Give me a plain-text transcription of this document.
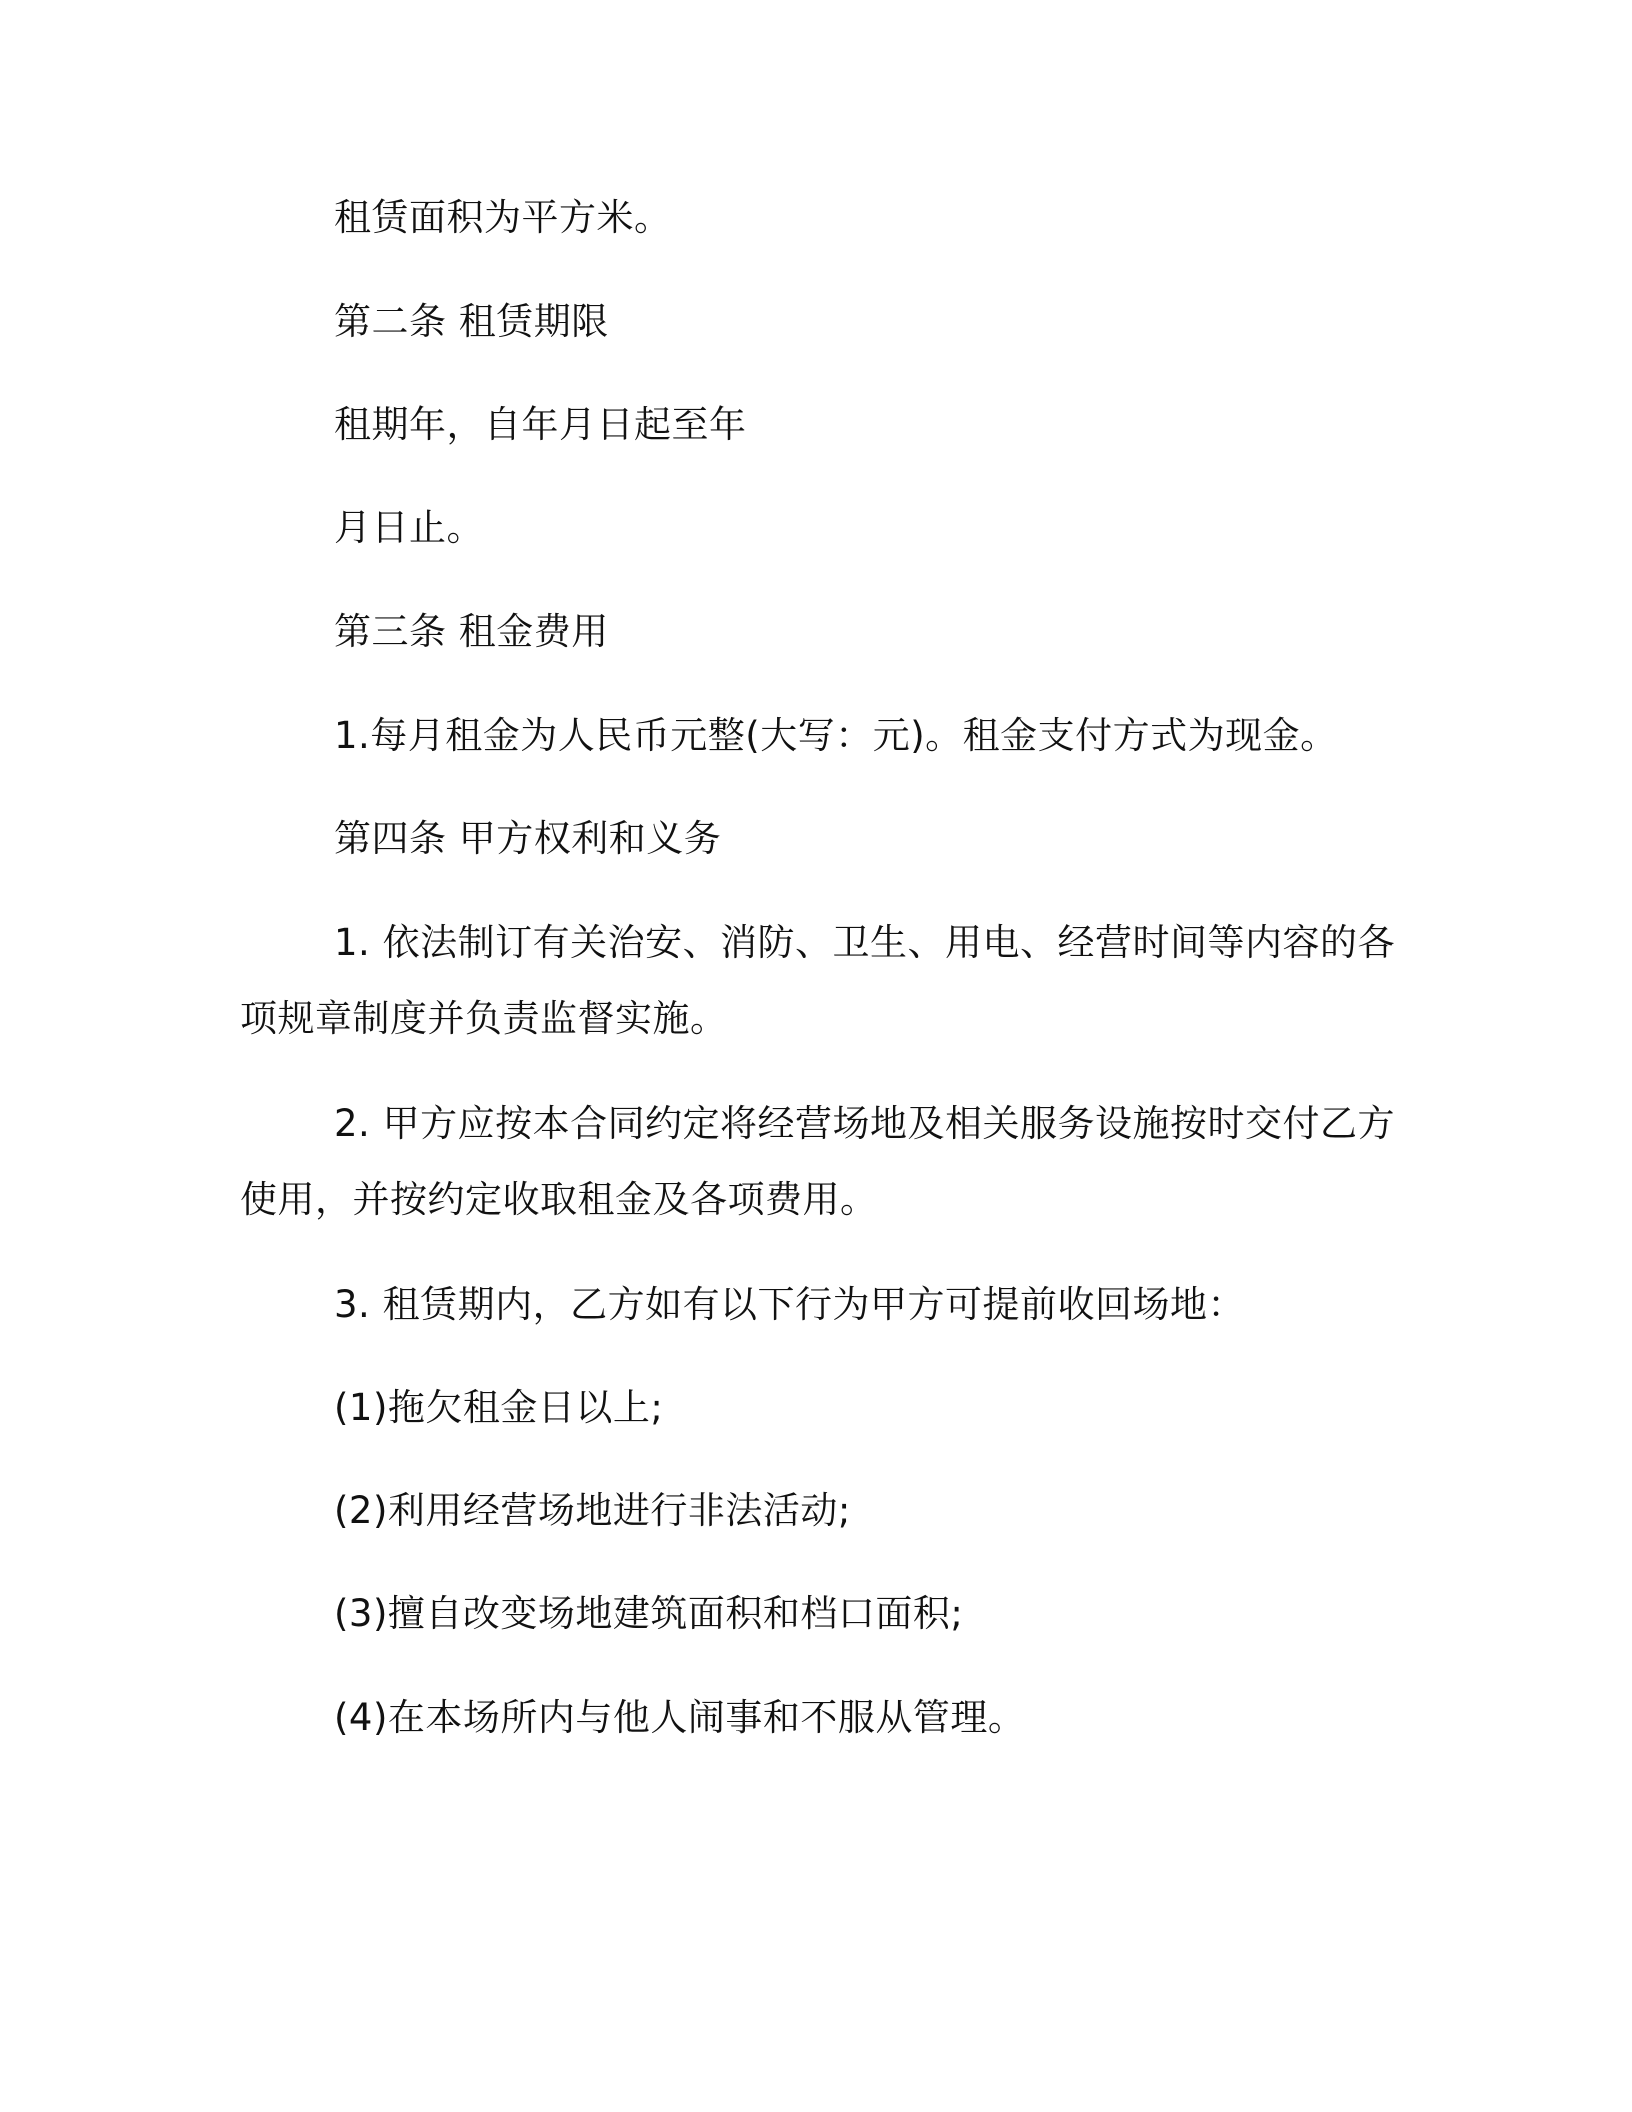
租赁面积为平方米。
第二条 租赁期限
租期年，自年月日起至年
月日止。
第三条 租金费用
1.每月租金为人民币元整(大写：元)。租金支付方式为现金。
第四条 甲方权利和义务
1. 依法制订有关治安、消防、卫生、用电、经营时间等内容的各
项规章制度并负责监督实施。
2. 甲方应按本合同约定将经营场地及相关服务设施按时交付乙方
使用，并按约定收取租金及各项费用。
3. 租赁期内，乙方如有以下行为甲方可提前收回场地：
(1)拖欠租金日以上;
(2)利用经营场地进行非法活动;
(3)擅自改变场地建筑面积和档口面积;
(4)在本场所内与他人闹事和不服从管理。
